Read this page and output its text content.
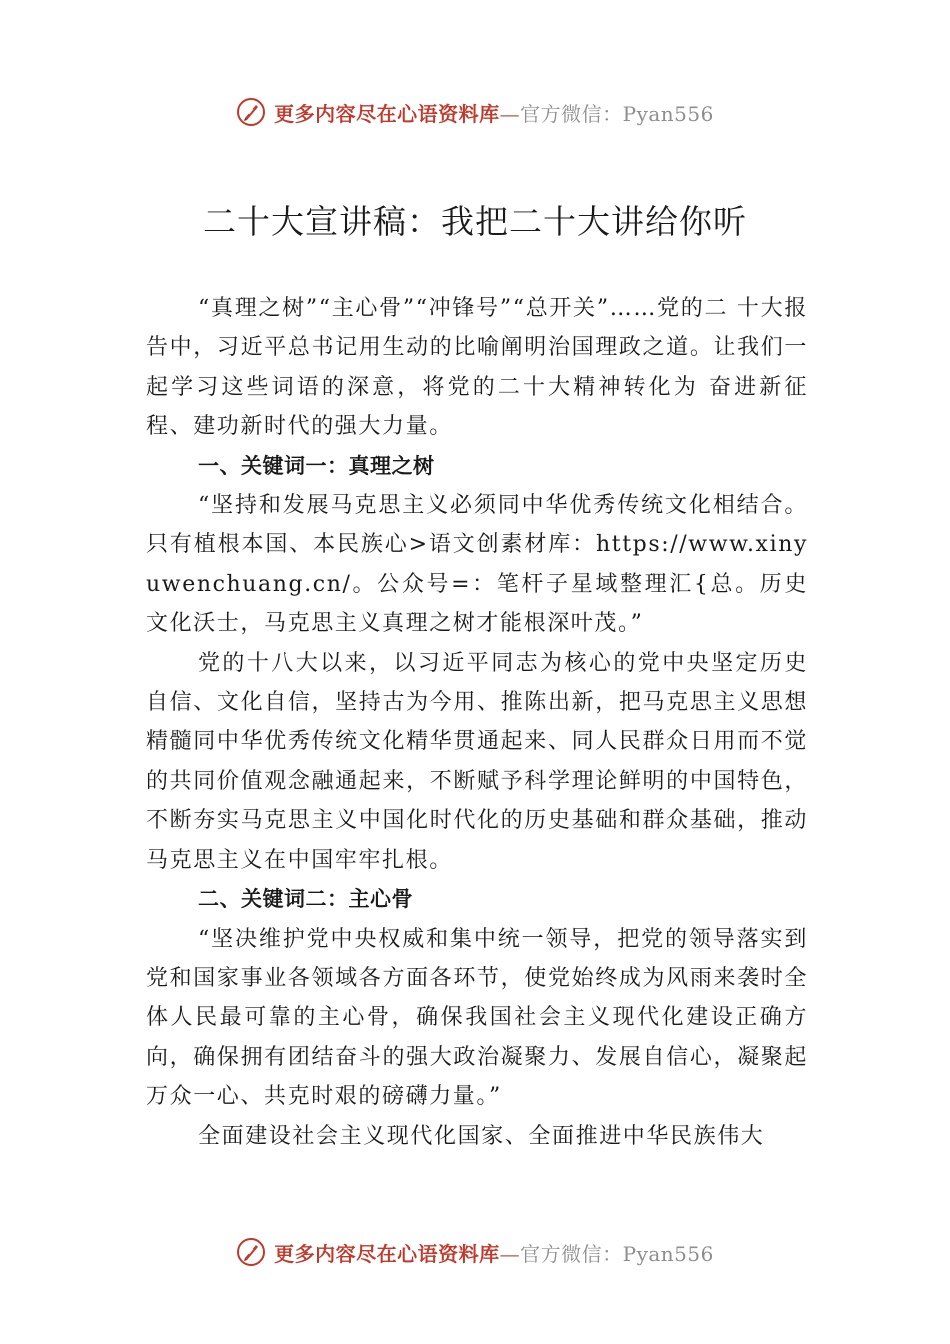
更多内容尽在心语资料库—官方微信：Pyan556
二十大宣讲稿：我把二十大讲给你听

“真理之树”“主心骨”“冲锋号”“总开关”……党的二 十大报告中，习近平总书记用生动的比喻阐明治国理政之道。让我们一起学习这些词语的深意，将党的二十大精神转化为 奋进新征程、建功新时代的强大力量。

一、关键词一：真理之树

“坚持和发展马克思主义必须同中华优秀传统文化相结合。只有植根本国、本民族心>语文创素材库：https://www.xinyuwenchuang.cn/。公众号=：笔杆子星域整理汇{总。历史文化沃士，马克思主义真理之树才能根深叶茂。”

党的十八大以来，以习近平同志为核心的党中央坚定历史自信、文化自信，坚持古为今用、推陈出新，把马克思主义思想精髓同中华优秀传统文化精华贯通起来、同人民群众日用而不觉的共同价值观念融通起来，不断赋予科学理论鲜明的中国特色，不断夯实马克思主义中国化时代化的历史基础和群众基础，推动马克思主义在中国牢牢扎根。

二、关键词二：主心骨

“坚决维护党中央权威和集中统一领导，把党的领导落实到党和国家事业各领域各方面各环节，使党始终成为风雨来袭时全体人民最可靠的主心骨，确保我国社会主义现代化建设正确方向，确保拥有团结奋斗的强大政治凝聚力、发展自信心，凝聚起万众一心、共克时艰的磅礴力量。”

全面建设社会主义现代化国家、全面推进中华民族伟大

更多内容尽在心语资料库—官方微信：Pyan556
